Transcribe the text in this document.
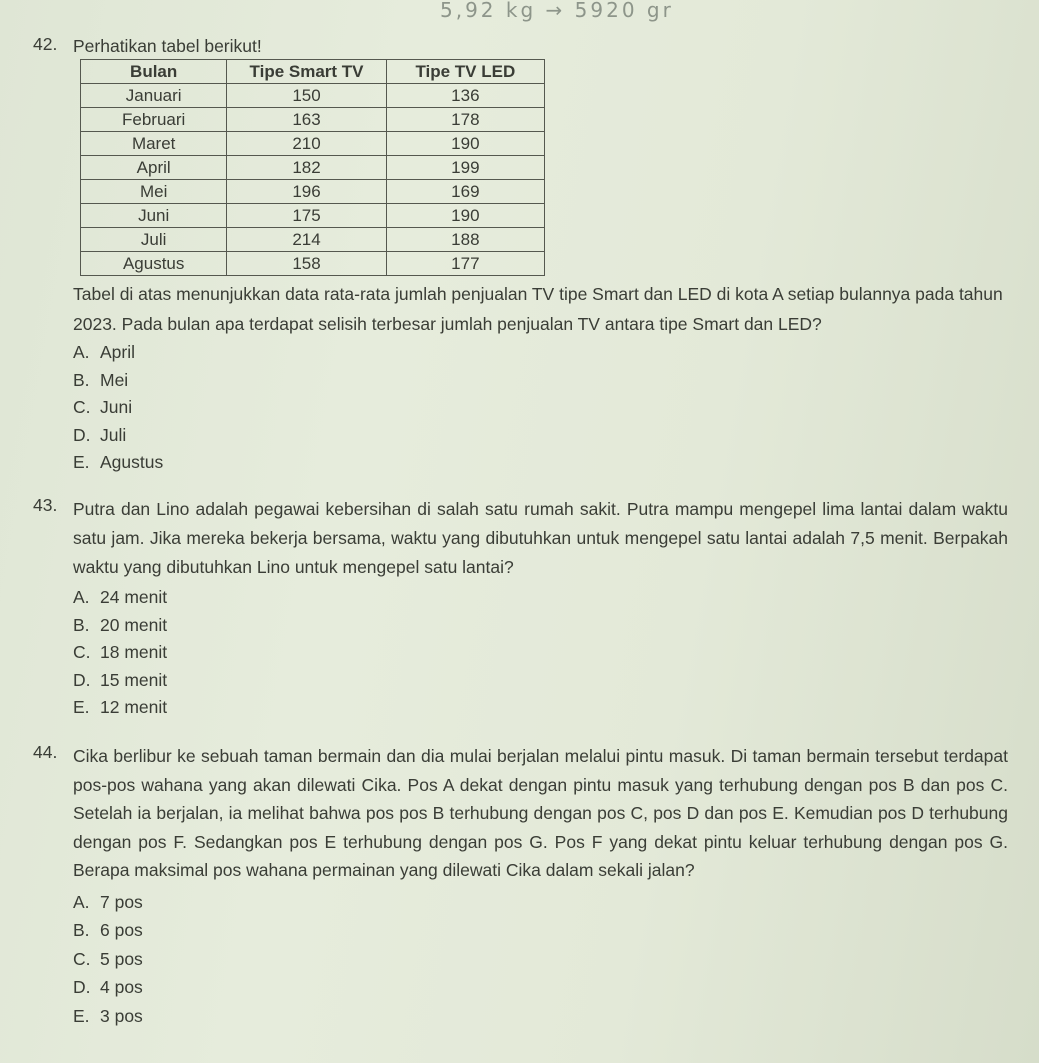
5,92 kg → 5920 gr
42. Perhatikan tabel berikut!
Bulan	Tipe Smart TV	Tipe TV LED
Januari	150	136
Februari	163	178
Maret	210	190
April	182	199
Mei	196	169
Juni	175	190
Juli	214	188
Agustus	158	177
Tabel di atas menunjukkan data rata-rata jumlah penjualan TV tipe Smart dan LED di kota A setiap bulannya pada tahun 2023. Pada bulan apa terdapat selisih terbesar jumlah penjualan TV antara tipe Smart dan LED?
A. April
B. Mei
C. Juni
D. Juli
E. Agustus
43. Putra dan Lino adalah pegawai kebersihan di salah satu rumah sakit. Putra mampu mengepel lima lantai dalam waktu satu jam. Jika mereka bekerja bersama, waktu yang dibutuhkan untuk mengepel satu lantai adalah 7,5 menit. Berpakah waktu yang dibutuhkan Lino untuk mengepel satu lantai?
A. 24 menit
B. 20 menit
C. 18 menit
D. 15 menit
E. 12 menit
44. Cika berlibur ke sebuah taman bermain dan dia mulai berjalan melalui pintu masuk. Di taman bermain tersebut terdapat pos-pos wahana yang akan dilewati Cika. Pos A dekat dengan pintu masuk yang terhubung dengan pos B dan pos C. Setelah ia berjalan, ia melihat bahwa pos pos B terhubung dengan pos C, pos D dan pos E. Kemudian pos D terhubung dengan pos F. Sedangkan pos E terhubung dengan pos G. Pos F yang dekat pintu keluar terhubung dengan pos G. Berapa maksimal pos wahana permainan yang dilewati Cika dalam sekali jalan?
A. 7 pos
B. 6 pos
C. 5 pos
D. 4 pos
E. 3 pos
